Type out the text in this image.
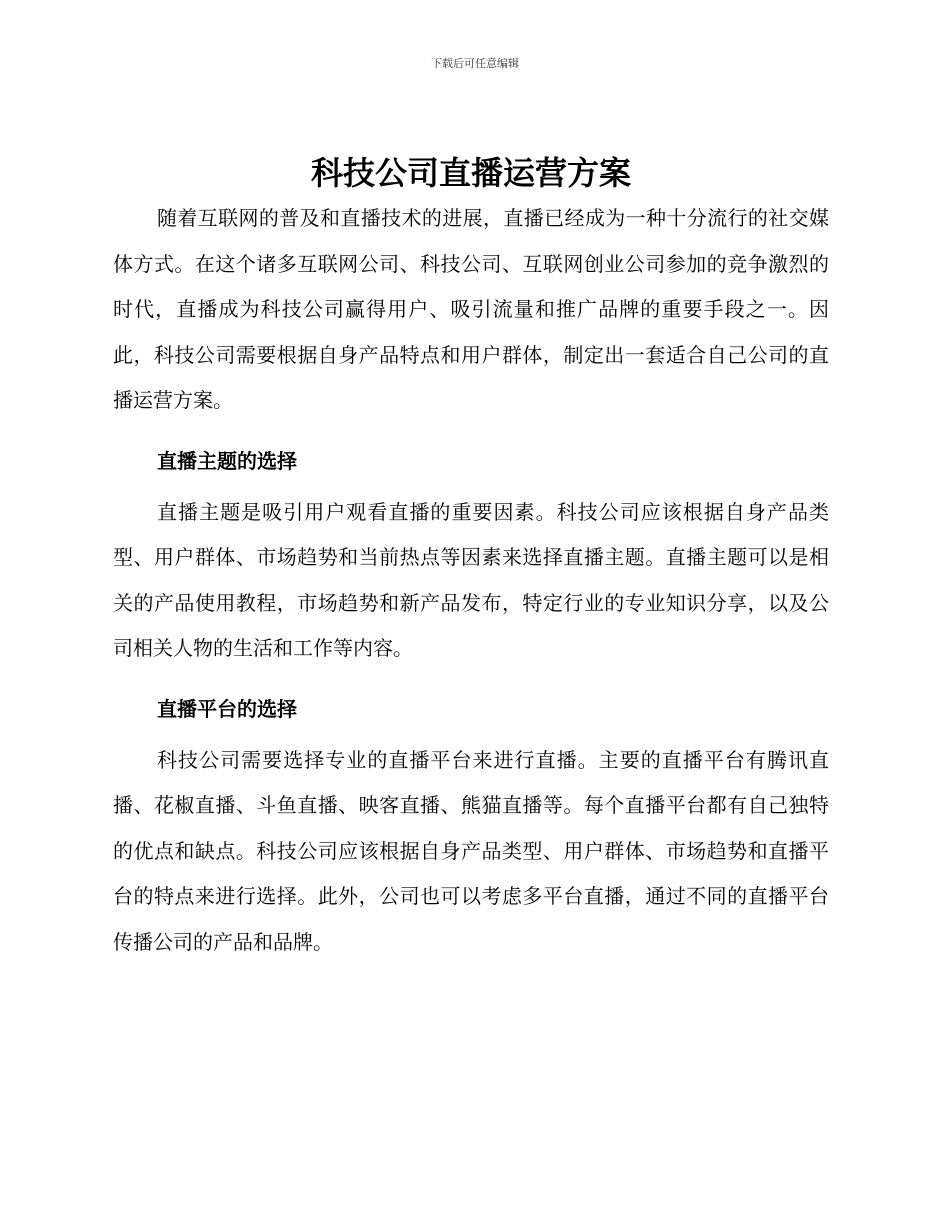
下载后可任意编辑
科技公司直播运营方案

随着互联网的普及和直播技术的进展，直播已经成为一种十分流行的社交媒体方式。在这个诸多互联网公司、科技公司、互联网创业公司参加的竞争激烈的时代，直播成为科技公司赢得用户、吸引流量和推广品牌的重要手段之一。因此，科技公司需要根据自身产品特点和用户群体，制定出一套适合自己公司的直播运营方案。

直播主题的选择

直播主题是吸引用户观看直播的重要因素。科技公司应该根据自身产品类型、用户群体、市场趋势和当前热点等因素来选择直播主题。直播主题可以是相关的产品使用教程，市场趋势和新产品发布，特定行业的专业知识分享，以及公司相关人物的生活和工作等内容。

直播平台的选择

科技公司需要选择专业的直播平台来进行直播。主要的直播平台有腾讯直播、花椒直播、斗鱼直播、映客直播、熊猫直播等。每个直播平台都有自己独特的优点和缺点。科技公司应该根据自身产品类型、用户群体、市场趋势和直播平台的特点来进行选择。此外，公司也可以考虑多平台直播，通过不同的直播平台传播公司的产品和品牌。
